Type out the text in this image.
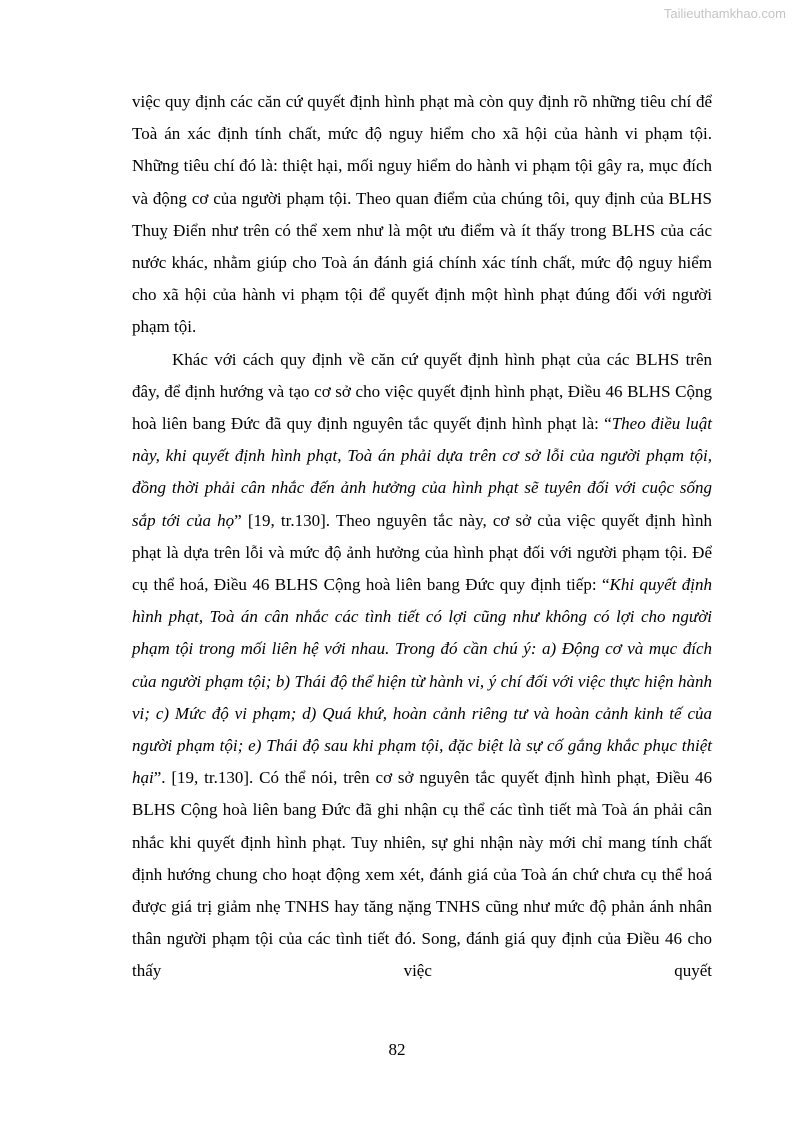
Tailieuthamkhao.com

việc quy định các căn cứ quyết định hình phạt mà còn quy định rõ những tiêu chí để Toà án xác định tính chất, mức độ nguy hiểm cho xã hội của hành vi phạm tội. Những tiêu chí đó là: thiệt hại, mối nguy hiểm do hành vi phạm tội gây ra, mục đích và động cơ của người phạm tội. Theo quan điểm của chúng tôi, quy định của BLHS Thuỵ Điển như trên có thể xem như là một ưu điểm và ít thấy trong BLHS của các nước khác, nhằm giúp cho Toà án đánh giá chính xác tính chất, mức độ nguy hiểm cho xã hội của hành vi phạm tội để quyết định một hình phạt đúng đối với người phạm tội.

Khác với cách quy định về căn cứ quyết định hình phạt của các BLHS trên đây, để định hướng và tạo cơ sở cho việc quyết định hình phạt, Điều 46 BLHS Cộng hoà liên bang Đức đã quy định nguyên tắc quyết định hình phạt là: “Theo điều luật này, khi quyết định hình phạt, Toà án phải dựa trên cơ sở lỗi của người phạm tội, đồng thời phải cân nhắc đến ảnh hưởng của hình phạt sẽ tuyên đối với cuộc sống sắp tới của họ” [19, tr.130]. Theo nguyên tắc này, cơ sở của việc quyết định hình phạt là dựa trên lỗi và mức độ ảnh hưởng của hình phạt đối với người phạm tội. Để cụ thể hoá, Điều 46 BLHS Cộng hoà liên bang Đức quy định tiếp: “Khi quyết định hình phạt, Toà án cân nhắc các tình tiết có lợi cũng như không có lợi cho người phạm tội trong mối liên hệ với nhau. Trong đó cần chú ý: a) Động cơ và mục đích của người phạm tội; b) Thái độ thể hiện từ hành vi, ý chí đối với việc thực hiện hành vi; c) Mức độ vi phạm; d) Quá khứ, hoàn cảnh riêng tư và hoàn cảnh kinh tế của người phạm tội; e) Thái độ sau khi phạm tội, đặc biệt là sự cố gắng khắc phục thiệt hại”. [19, tr.130]. Có thể nói, trên cơ sở nguyên tắc quyết định hình phạt, Điều 46 BLHS Cộng hoà liên bang Đức đã ghi nhận cụ thể các tình tiết mà Toà án phải cân nhắc khi quyết định hình phạt. Tuy nhiên, sự ghi nhận này mới chỉ mang tính chất định hướng chung cho hoạt động xem xét, đánh giá của Toà án chứ chưa cụ thể hoá được giá trị giảm nhẹ TNHS hay tăng nặng TNHS cũng như mức độ phản ánh nhân thân người phạm tội của các tình tiết đó. Song, đánh giá quy định của Điều 46 cho thấy việc quyết

82
